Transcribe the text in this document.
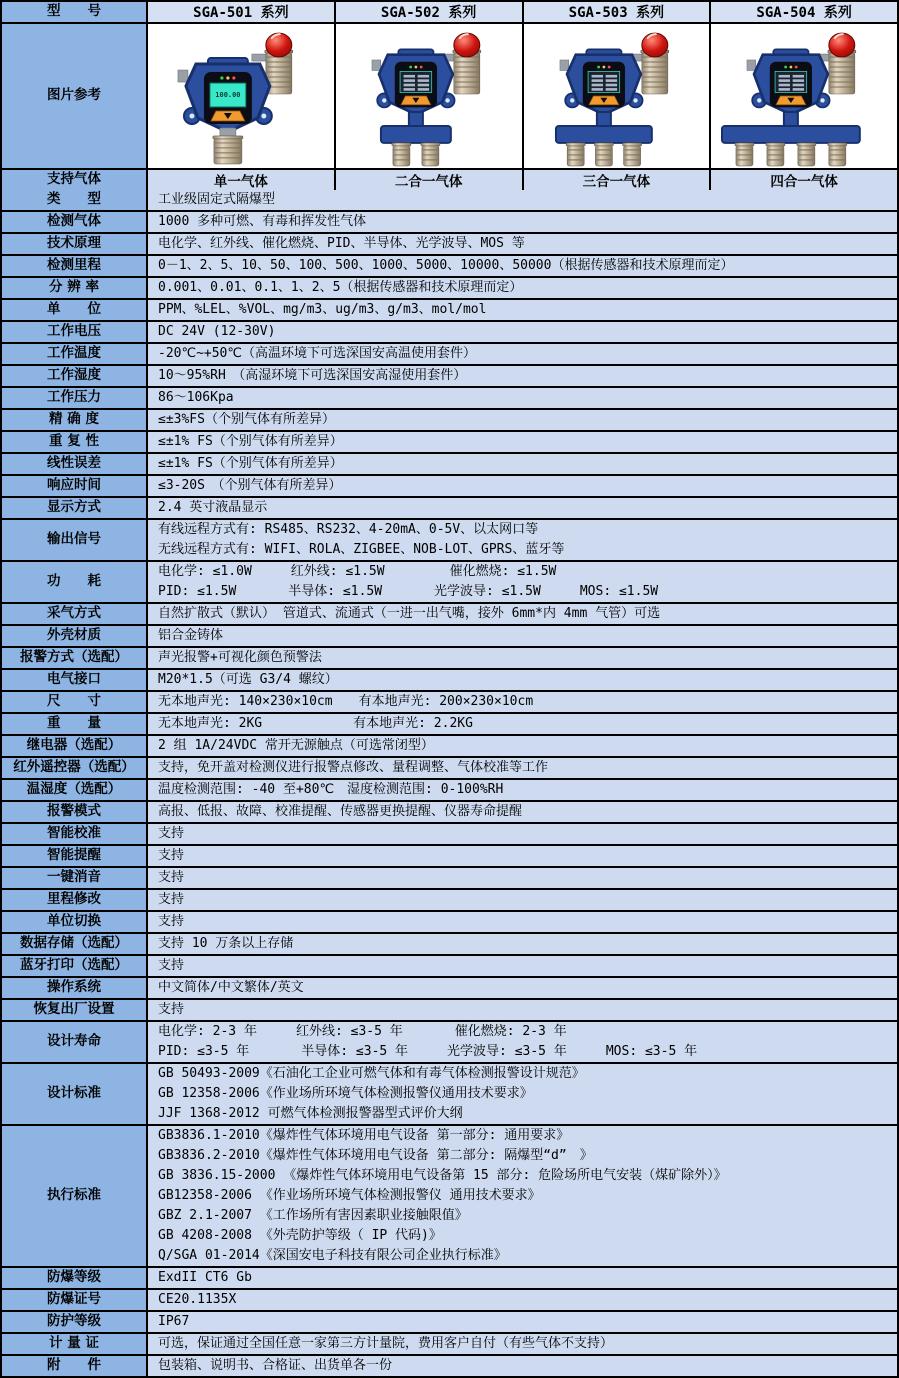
型　　号	SGA-501 系列	SGA-502 系列	SGA-503 系列	SGA-504 系列
图片参考	100.00
支持气体	单一气体	二合一气体	三合一气体	四合一气体
类　　型	工业级固定式隔爆型
检测气体	1000 多种可燃、有毒和挥发性气体
技术原理	电化学、红外线、催化燃烧、PID、半导体、光学波导、MOS 等
检测里程	0－1、2、5、10、50、100、500、1000、5000、10000、50000（根据传感器和技术原理而定）
分 辨 率	0.001、0.01、0.1、1、2、5（根据传感器和技术原理而定）
单　　位	PPM、%LEL、%VOL、mg/m3、ug/m3、g/m3、mol/mol
工作电压	DC 24V (12-30V)
工作温度	-20℃~+50℃（高温环境下可选深国安高温使用套件）
工作湿度	10～95%RH　（高湿环境下可选深国安高湿使用套件）
工作压力	86～106Kpa
精 确 度	≤±3%FS（个别气体有所差异）
重 复 性	≤±1% FS（个别气体有所差异）
线性误差	≤±1% FS（个别气体有所差异）
响应时间	≤3-20S　（个别气体有所差异）
显示方式	2.4 英寸液晶显示
输出信号
有线远程方式有: RS485、RS232、4-20mA、0-5V、以太网口等
无线远程方式有: WIFI、ROLA、ZIGBEE、NOB-LOT、GPRS、蓝牙等
功　　耗
电化学: ≤1.0W　　　红外线: ≤1.5W　　　　　催化燃烧: ≤1.5W
PID: ≤1.5W　　　　半导体: ≤1.5W　　　　光学波导: ≤1.5W　　　MOS: ≤1.5W
采气方式	自然扩散式（默认） 管道式、流通式（一进一出气嘴，接外 6mm*内 4mm 气管）可选
外壳材质	铝合金铸体
报警方式（选配）	声光报警+可视化颜色预警法
电气接口	M20*1.5（可选 G3/4 螺纹）
尺　　寸	无本地声光: 140×230×10cm　　有本地声光: 200×230×10cm
重　　量	无本地声光: 2KG　　　　　　　有本地声光: 2.2KG
继电器（选配）	2 组 1A/24VDC 常开无源触点（可选常闭型）
红外遥控器（选配）	支持，免开盖对检测仪进行报警点修改、量程调整、气体校准等工作
温湿度（选配）	温度检测范围: -40 至+80℃　湿度检测范围: 0-100%RH
报警模式	高报、低报、故障、校准提醒、传感器更换提醒、仪器寿命提醒
智能校准	支持
智能提醒	支持
一键消音	支持
里程修改	支持
单位切换	支持
数据存储（选配）	支持 10 万条以上存储
蓝牙打印（选配）	支持
操作系统	中文简体/中文繁体/英文
恢复出厂设置	支持
设计寿命
电化学: 2-3 年　　　红外线: ≤3-5 年　　　　催化燃烧: 2-3 年
PID: ≤3-5 年　　　　半导体: ≤3-5 年　　　光学波导: ≤3-5 年　　　MOS: ≤3-5 年
设计标准
GB 50493-2009《石油化工企业可燃气体和有毒气体检测报警设计规范》
GB 12358-2006《作业场所环境气体检测报警仪通用技术要求》
JJF 1368-2012 可燃气体检测报警器型式评价大纲
执行标准
GB3836.1-2010《爆炸性气体环境用电气设备 第一部分: 通用要求》
GB3836.2-2010《爆炸性气体环境用电气设备 第二部分: 隔爆型“d”　》
GB 3836.15-2000 《爆炸性气体环境用电气设备第 15 部分: 危险场所电气安装（煤矿除外）》
GB12358-2006 《作业场所环境气体检测报警仪 通用技术要求》
GBZ 2.1-2007 《工作场所有害因素职业接触限值》
GB 4208-2008 《外壳防护等级（ IP 代码)》
Q/SGA 01-2014《深国安电子科技有限公司企业执行标准》
防爆等级	ExdII CT6 Gb
防爆证号	CE20.1135X
防护等级	IP67
计 量 证	可选，保证通过全国任意一家第三方计量院，费用客户自付（有些气体不支持）
附　　件	包装箱、说明书、合格证、出货单各一份
